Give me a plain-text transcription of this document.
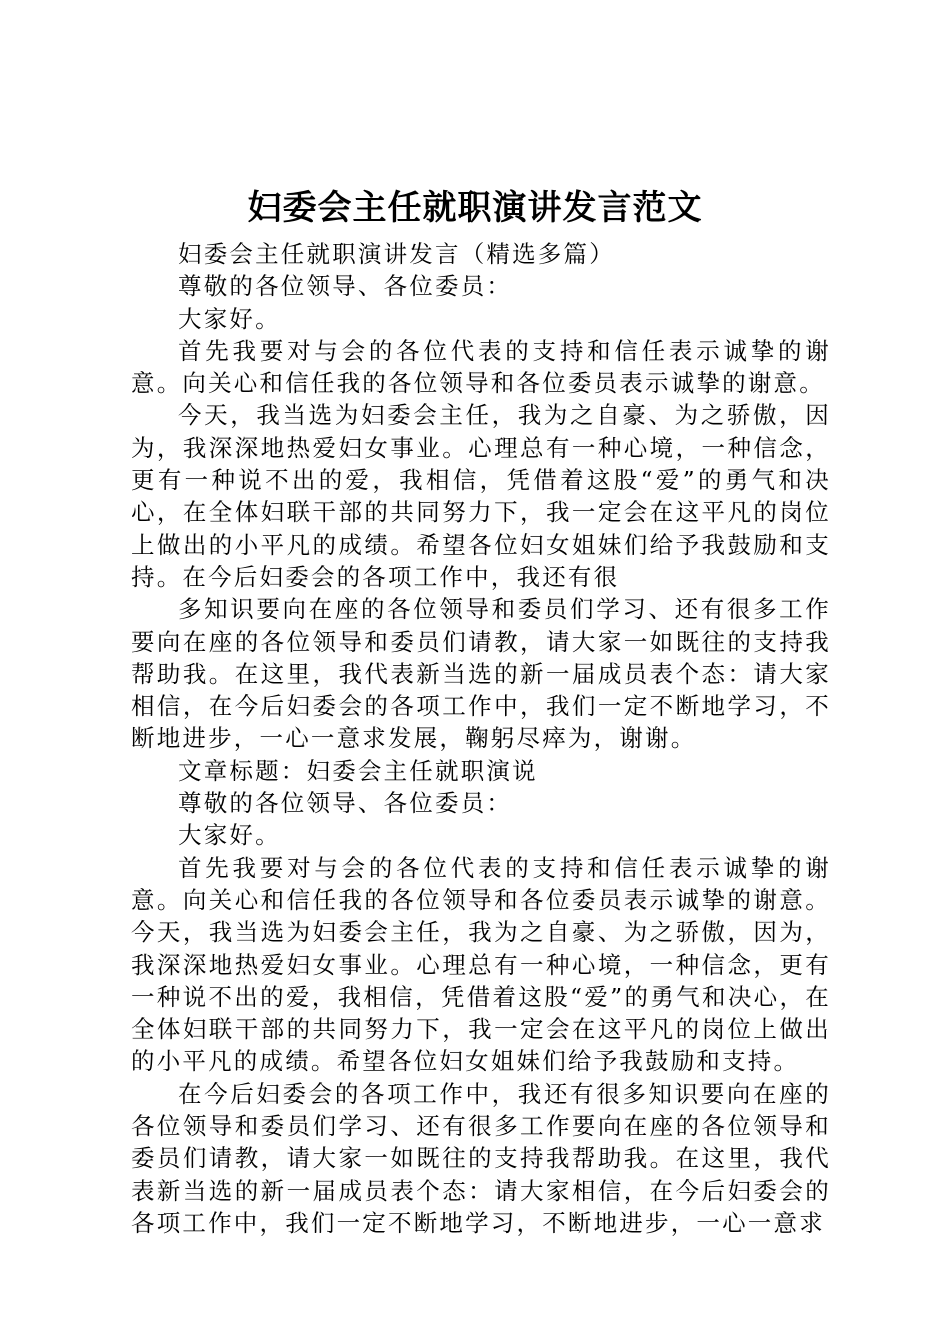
妇委会主任就职演讲发言范文

妇委会主任就职演讲发言（精选多篇）

尊敬的各位领导、各位委员：

大家好。

首先我要对与会的各位代表的支持和信任表示诚挚的谢意。向关心和信任我的各位领导和各位委员表示诚挚的谢意。

今天，我当选为妇委会主任，我为之自豪、为之骄傲，因为，我深深地热爱妇女事业。心理总有一种心境，一种信念，更有一种说不出的爱，我相信，凭借着这股“爱”的勇气和决心，在全体妇联干部的共同努力下，我一定会在这平凡的岗位上做出的小平凡的成绩。希望各位妇女姐妹们给予我鼓励和支持。在今后妇委会的各项工作中，我还有很

多知识要向在座的各位领导和委员们学习、还有很多工作要向在座的各位领导和委员们请教，请大家一如既往的支持我帮助我。在这里，我代表新当选的新一届成员表个态：请大家相信，在今后妇委会的各项工作中，我们一定不断地学习，不断地进步，一心一意求发展，鞠躬尽瘁为，谢谢。

文章标题：妇委会主任就职演说

尊敬的各位领导、各位委员：

大家好。

首先我要对与会的各位代表的支持和信任表示诚挚的谢意。向关心和信任我的各位领导和各位委员表示诚挚的谢意。今天，我当选为妇委会主任，我为之自豪、为之骄傲，因为，我深深地热爱妇女事业。心理总有一种心境，一种信念，更有一种说不出的爱，我相信，凭借着这股“爱”的勇气和决心，在全体妇联干部的共同努力下，我一定会在这平凡的岗位上做出的小平凡的成绩。希望各位妇女姐妹们给予我鼓励和支持。

在今后妇委会的各项工作中，我还有很多知识要向在座的各位领导和委员们学习、还有很多工作要向在座的各位领导和委员们请教，请大家一如既往的支持我帮助我。在这里，我代表新当选的新一届成员表个态：请大家相信，在今后妇委会的各项工作中，我们一定不断地学习，不断地进步，一心一意求
